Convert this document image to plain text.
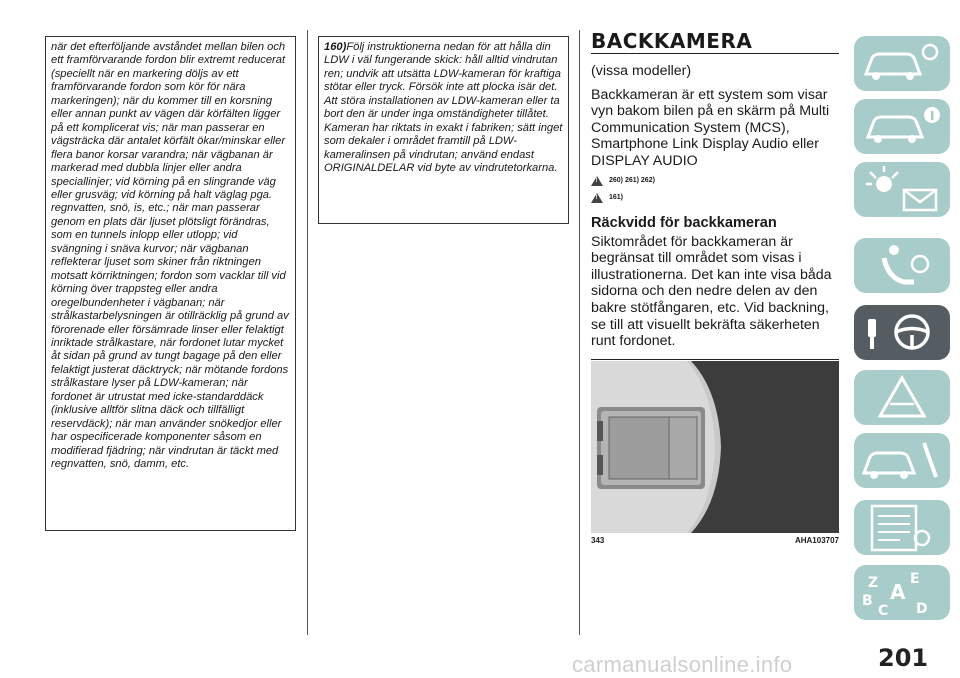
när det efterföljande avståndet mellan bilen och ett framförvarande fordon blir extremt reducerat (speciellt när en markering döljs av ett framförvarande fordon som kör för nära markeringen); när du kommer till en korsning eller annan punkt av vägen där körfälten ligger på ett komplicerat vis; när man passerar en vägsträcka där antalet körfält ökar/minskar eller flera banor korsar varandra; när vägbanan är markerad med dubbla linjer eller andra speciallinjer; vid körning på en slingrande väg eller grusväg; vid körning på halt väglag pga. regnvatten, snö, is, etc.; när man passerar genom en plats där ljuset plötsligt förändras, som en tunnels inlopp eller utlopp; vid svängning i snäva kurvor; när vägbanan reflekterar ljuset som skiner från riktningen motsatt körriktningen; fordon som vacklar till vid körning över trappsteg eller andra oregelbundenheter i vägbanan; när strålkastarbelysningen är otillräcklig på grund av förorenade eller försämrade linser eller felaktigt inriktade strålkastare, när fordonet lutar mycket åt sidan på grund av tungt bagage på den eller felaktigt justerat däcktryck; när mötande fordons strålkastare lyser på LDW-kameran; när fordonet är utrustat med icke-standarddäck (inklusive alltför slitna däck och tillfälligt reservdäck); när man använder snökedjor eller har ospecificerade komponenter såsom en modifierad fjädring; när vindrutan är täckt med regnvatten, snö, damm, etc.

160)Följ instruktionerna nedan för att hålla din LDW i väl fungerande skick: håll alltid vindrutan ren; undvik att utsätta LDW-kameran för kraftiga stötar eller tryck. Försök inte att plocka isär det. Att störa installationen av LDW-kameran eller ta bort den är under inga omständigheter tillåtet. Kameran har riktats in exakt i fabriken; sätt inget som dekaler i området framtill på LDW-kameralinsen på vindrutan; använd endast ORIGINALDELAR vid byte av vindrutetorkarna.

BACKKAMERA

(vissa modeller)

Backkameran är ett system som visar vyn bakom bilen på en skärm på Multi Communication System (MCS), Smartphone Link Display Audio eller DISPLAY AUDIO

! 260) 261) 262)
! 161)

Räckvidd för backkameran

Siktområdet för backkameran är begränsat till området som visas i illustrationerna. Det kan inte visa båda sidorna och den nedre delen av den bakre stötfångaren, etc. Vid backning, se till att visuellt bekräfta säkerheten runt fordonet.

343	AHA103707
Z E
B A
C D
201
carmanualsonline.info
